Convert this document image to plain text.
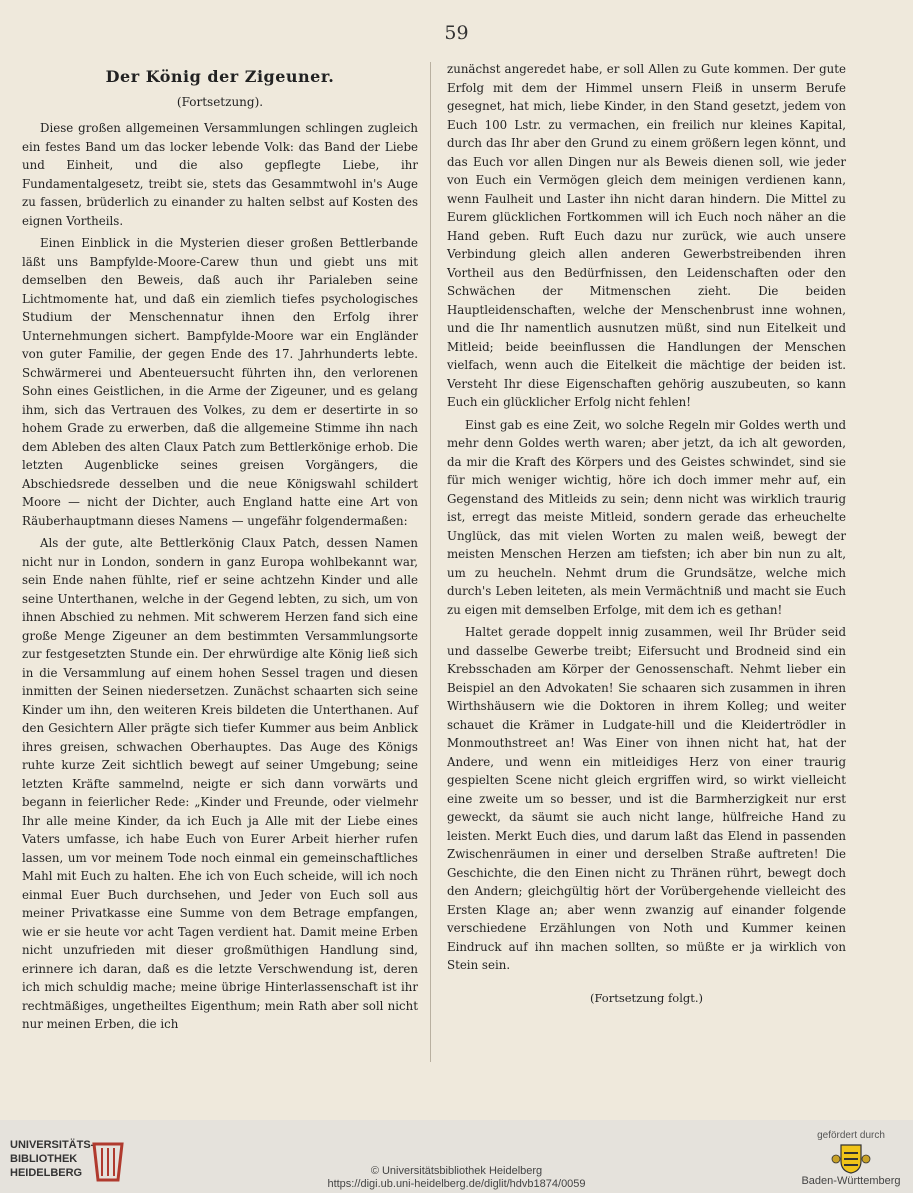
59
Der König der Zigeuner.
(Fortsetzung).

Diese großen allgemeinen Versammlungen schlingen zugleich ein festes Band um das locker lebende Volk: das Band der Liebe und Einheit, und die also gepflegte Liebe, ihr Fundamentalgesetz, treibt sie, stets das Gesammtwohl in's Auge zu fassen, brüderlich zu einander zu halten selbst auf Kosten des eignen Vortheils.

Einen Einblick in die Mysterien dieser großen Bettlerbande läßt uns Bampfylde-Moore-Carew thun und giebt uns mit demselben den Beweis, daß auch ihr Parialeben seine Lichtmomente hat, und daß ein ziemlich tiefes psychologisches Studium der Menschennatur ihnen den Erfolg ihrer Unternehmungen sichert. Bampfylde-Moore war ein Engländer von guter Familie, der gegen Ende des 17. Jahrhunderts lebte. Schwärmerei und Abenteuersucht führten ihn, den verlorenen Sohn eines Geistlichen, in die Arme der Zigeuner, und es gelang ihm, sich das Vertrauen des Volkes, zu dem er desertirte in so hohem Grade zu erwerben, daß die allgemeine Stimme ihn nach dem Ableben des alten Claux Patch zum Bettlerkönige erhob. Die letzten Augenblicke seines greisen Vorgängers, die Abschiedsrede desselben und die neue Königswahl schildert Moore — nicht der Dichter, auch England hatte eine Art von Räuberhauptmann dieses Namens — ungefähr folgendermaßen:

Als der gute, alte Bettlerkönig Claux Patch, dessen Namen nicht nur in London, sondern in ganz Europa wohlbekannt war, sein Ende nahen fühlte, rief er seine achtzehn Kinder und alle seine Unterthanen, welche in der Gegend lebten, zu sich, um von ihnen Abschied zu nehmen. Mit schwerem Herzen fand sich eine große Menge Zigeuner an dem bestimmten Versammlungsorte zur festgesetzten Stunde ein. Der ehrwürdige alte König ließ sich in die Versammlung auf einem hohen Sessel tragen und diesen inmitten der Seinen niedersetzen. Zunächst schaarten sich seine Kinder um ihn, den weiteren Kreis bildeten die Unterthanen. Auf den Gesichtern Aller prägte sich tiefer Kummer aus beim Anblick ihres greisen, schwachen Oberhauptes. Das Auge des Königs ruhte kurze Zeit sichtlich bewegt auf seiner Umgebung; seine letzten Kräfte sammelnd, neigte er sich dann vorwärts und begann in feierlicher Rede: „Kinder und Freunde, oder vielmehr Ihr alle meine Kinder, da ich Euch ja Alle mit der Liebe eines Vaters umfasse, ich habe Euch von Eurer Arbeit hierher rufen lassen, um vor meinem Tode noch einmal ein gemeinschaftliches Mahl mit Euch zu halten. Ehe ich von Euch scheide, will ich noch einmal Euer Buch durchsehen, und Jeder von Euch soll aus meiner Privatkasse eine Summe von dem Betrage empfangen, wie er sie heute vor acht Tagen verdient hat. Damit meine Erben nicht unzufrieden mit dieser großmüthigen Handlung sind, erinnere ich daran, daß es die letzte Verschwendung ist, deren ich mich schuldig mache; meine übrige Hinterlassenschaft ist ihr rechtmäßiges, ungetheiltes Eigenthum; mein Rath aber soll nicht nur meinen Erben, die ich

zunächst angeredet habe, er soll Allen zu Gute kommen. Der gute Erfolg mit dem der Himmel unsern Fleiß in unserm Berufe gesegnet, hat mich, liebe Kinder, in den Stand gesetzt, jedem von Euch 100 Lstr. zu vermachen, ein freilich nur kleines Kapital, durch das Ihr aber den Grund zu einem größern legen könnt, und das Euch vor allen Dingen nur als Beweis dienen soll, wie jeder von Euch ein Vermögen gleich dem meinigen verdienen kann, wenn Faulheit und Laster ihn nicht daran hindern. Die Mittel zu Eurem glücklichen Fortkommen will ich Euch noch näher an die Hand geben. Ruft Euch dazu nur zurück, wie auch unsere Verbindung gleich allen anderen Gewerbstreibenden ihren Vortheil aus den Bedürfnissen, den Leidenschaften oder den Schwächen der Mitmenschen zieht. Die beiden Hauptleidenschaften, welche der Menschenbrust inne wohnen, und die Ihr namentlich ausnutzen müßt, sind nun Eitelkeit und Mitleid; beide beeinflussen die Handlungen der Menschen vielfach, wenn auch die Eitelkeit die mächtige der beiden ist. Versteht Ihr diese Eigenschaften gehörig auszubeuten, so kann Euch ein glücklicher Erfolg nicht fehlen!

Einst gab es eine Zeit, wo solche Regeln mir Goldes werth und mehr denn Goldes werth waren; aber jetzt, da ich alt geworden, da mir die Kraft des Körpers und des Geistes schwindet, sind sie für mich weniger wichtig, höre ich doch immer mehr auf, ein Gegenstand des Mitleids zu sein; denn nicht was wirklich traurig ist, erregt das meiste Mitleid, sondern gerade das erheuchelte Unglück, das mit vielen Worten zu malen weiß, bewegt der meisten Menschen Herzen am tiefsten; ich aber bin nun zu alt, um zu heucheln. Nehmt drum die Grundsätze, welche mich durch's Leben leiteten, als mein Vermächtniß und macht sie Euch zu eigen mit demselben Erfolge, mit dem ich es gethan!

Haltet gerade doppelt innig zusammen, weil Ihr Brüder seid und dasselbe Gewerbe treibt; Eifersucht und Brodneid sind ein Krebsschaden am Körper der Genossenschaft. Nehmt lieber ein Beispiel an den Advokaten! Sie schaaren sich zusammen in ihren Wirthshäusern wie die Doktoren in ihrem Kolleg; und weiter schauet die Krämer in Ludgate-hill und die Kleidertrödler in Monmouthstreet an! Was Einer von ihnen nicht hat, hat der Andere, und wenn ein mitleidiges Herz von einer traurig gespielten Scene nicht gleich ergriffen wird, so wirkt vielleicht eine zweite um so besser, und ist die Barmherzigkeit nur erst geweckt, da säumt sie auch nicht lange, hülfreiche Hand zu leisten. Merkt Euch dies, und darum laßt das Elend in passenden Zwischenräumen in einer und derselben Straße auftreten! Die Geschichte, die den Einen nicht zu Thränen rührt, bewegt doch den Andern; gleichgültig hört der Vorübergehende vielleicht des Ersten Klage an; aber wenn zwanzig auf einander folgende verschiedene Erzählungen von Noth und Kummer keinen Eindruck auf ihn machen sollten, so müßte er ja wirklich von Stein sein.

(Fortsetzung folgt.)
UNIVERSITÄTS-
BIBLIOTHEK
HEIDELBERG	© Universitätsbibliothek Heidelberg
https://digi.ub.uni-heidelberg.de/diglit/hdvb1874/0059
gefördert durch
Baden-Württemberg
